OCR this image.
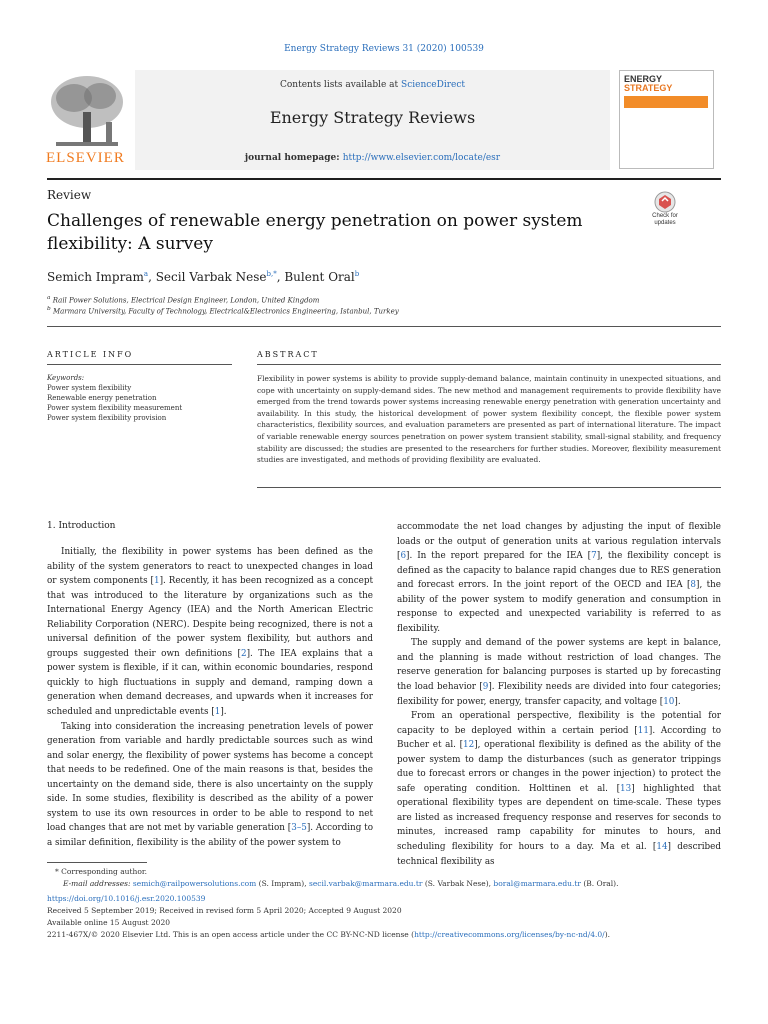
Energy Strategy Reviews 31 (2020) 100539
ELSEVIER
Contents lists available at ScienceDirect
Energy Strategy Reviews
journal homepage: http://www.elsevier.com/locate/esr
ENERGY
STRATEGY
Review
Challenges of renewable energy penetration on power system flexibility: A survey
Check for
updates
Semich Impram$^a$, Secil Varbak Nese$^{b,*}$, Bulent Oral$^b$
$^a$ Rail Power Solutions, Electrical Design Engineer, London, United Kingdom
$^b$ Marmara University, Faculty of Technology, Electrical&Electronics Engineering, Istanbul, Turkey
ARTICLE INFO	ABSTRACT
Keywords:
Power system flexibility
Renewable energy penetration
Power system flexibility measurement
Power system flexibility provision
Flexibility in power systems is ability to provide supply-demand balance, maintain continuity in unexpected situations, and cope with uncertainty on supply-demand sides. The new method and management requirements to provide flexibility have emerged from the trend towards power systems increasing renewable energy penetration with generation uncertainty and availability. In this study, the historical development of power system flexibility concept, the flexible power system characteristics, flexibility sources, and evaluation parameters are presented as part of international literature. The impact of variable renewable energy sources penetration on power system transient stability, small-signal stability, and frequency stability are discussed; the studies are presented to the researchers for further studies. Moreover, flexibility measurement studies are investigated, and methods of providing flexibility are evaluated.
1. Introduction

Initially, the flexibility in power systems has been defined as the ability of the system generators to react to unexpected changes in load or system components [1]. Recently, it has been recognized as a concept that was introduced to the literature by organizations such as the International Energy Agency (IEA) and the North American Electric Reliability Corporation (NERC). Despite being recognized, there is not a universal definition of the power system flexibility, but authors and groups suggested their own definitions [2]. The IEA explains that a power system is flexible, if it can, within economic boundaries, respond quickly to high fluctuations in supply and demand, ramping down a generation when demand decreases, and upwards when it increases for scheduled and unpredictable events [1].

Taking into consideration the increasing penetration levels of power generation from variable and hardly predictable sources such as wind and solar energy, the flexibility of power systems has become a concept that needs to be redefined. One of the main reasons is that, besides the uncertainty on the demand side, there is also uncertainty on the supply side. In some studies, flexibility is described as the ability of a power system to use its own resources in order to be able to respond to net load changes that are not met by variable generation [3–5]. According to a similar definition, flexibility is the ability of the power system to

accommodate the net load changes by adjusting the input of flexible loads or the output of generation units at various regulation intervals [6]. In the report prepared for the IEA [7], the flexibility concept is defined as the capacity to balance rapid changes due to RES generation and forecast errors. In the joint report of the OECD and IEA [8], the ability of the power system to modify generation and consumption in response to expected and unexpected variability is referred to as flexibility.

The supply and demand of the power systems are kept in balance, and the planning is made without restriction of load changes. The reserve generation for balancing purposes is started up by forecasting the load behavior [9]. Flexibility needs are divided into four categories; flexibility for power, energy, transfer capacity, and voltage [10].

From an operational perspective, flexibility is the potential for capacity to be deployed within a certain period [11]. According to Bucher et al. [12], operational flexibility is defined as the ability of the power system to damp the disturbances (such as generator trippings due to forecast errors or changes in the power injection) to protect the safe operating condition. Holttinen et al. [13] highlighted that operational flexibility types are dependent on time-scale. These types are listed as increased frequency response and reserves for seconds to minutes, increased ramp capability for minutes to hours, and scheduling flexibility for hours to a day. Ma et al. [14] described technical flexibility as

* Corresponding author.
E-mail addresses: semich@railpowersolutions.com (S. Impram), secil.varbak@marmara.edu.tr (S. Varbak Nese), boral@marmara.edu.tr (B. Oral).
https://doi.org/10.1016/j.esr.2020.100539
Received 5 September 2019; Received in revised form 5 April 2020; Accepted 9 August 2020
Available online 15 August 2020
2211-467X/© 2020 Elsevier Ltd. This is an open access article under the CC BY-NC-ND license (http://creativecommons.org/licenses/by-nc-nd/4.0/).
